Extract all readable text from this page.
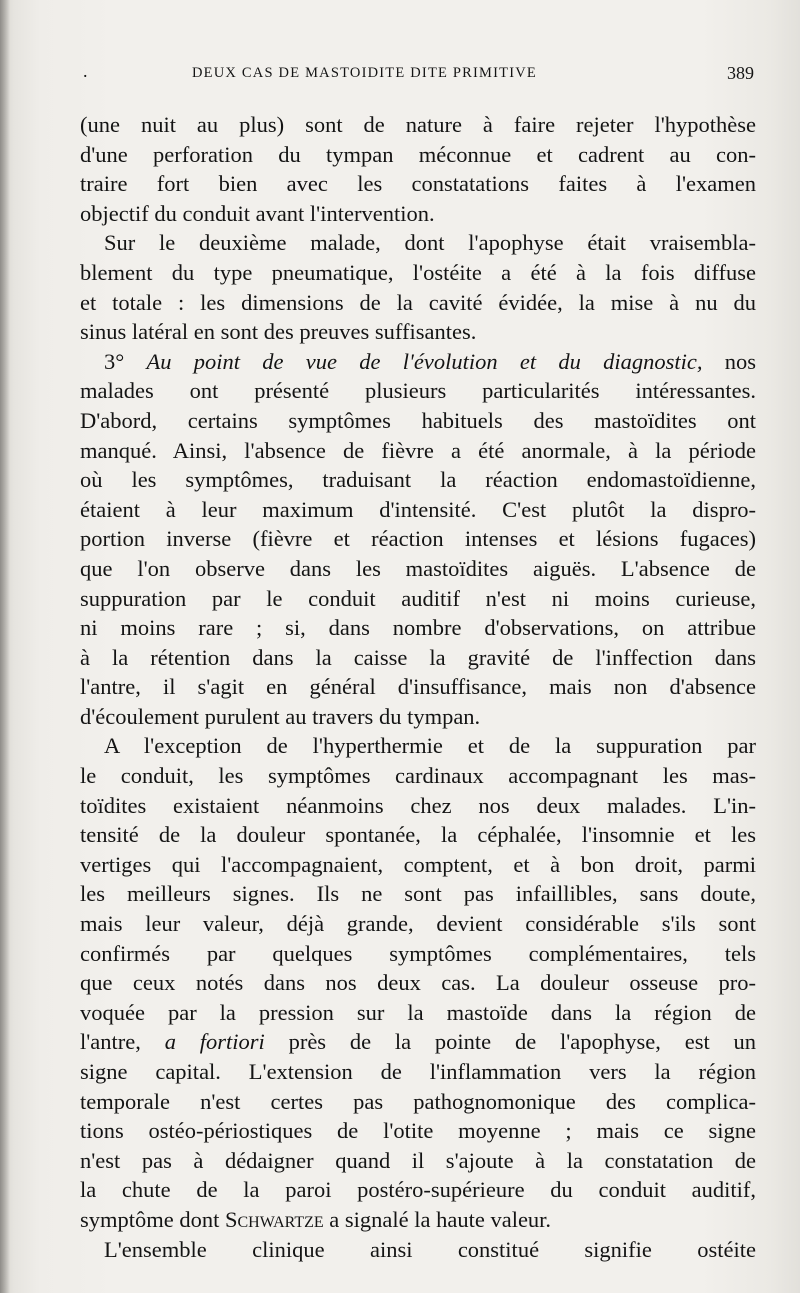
.	DEUX CAS DE MASTOIDITE DITE PRIMITIVE	389
(une nuit au plus) sont de nature à faire rejeter l'hypothèse
d'une perforation du tympan méconnue et cadrent au con-
traire fort bien avec les constatations faites à l'examen
objectif du conduit avant l'intervention.
Sur le deuxième malade, dont l'apophyse était vraisembla-
blement du type pneumatique, l'ostéite a été à la fois diffuse
et totale : les dimensions de la cavité évidée, la mise à nu du
sinus latéral en sont des preuves suffisantes.
3° Au point de vue de l'évolution et du diagnostic, nos
malades ont présenté plusieurs particularités intéressantes.
D'abord, certains symptômes habituels des mastoïdites ont
manqué. Ainsi, l'absence de fièvre a été anormale, à la période
où les symptômes, traduisant la réaction endomastoïdienne,
étaient à leur maximum d'intensité. C'est plutôt la dispro-
portion inverse (fièvre et réaction intenses et lésions fugaces)
que l'on observe dans les mastoïdites aiguës. L'absence de
suppuration par le conduit auditif n'est ni moins curieuse,
ni moins rare ; si, dans nombre d'observations, on attribue
à la rétention dans la caisse la gravité de l'inffection dans
l'antre, il s'agit en général d'insuffisance, mais non d'absence
d'écoulement purulent au travers du tympan.
A l'exception de l'hyperthermie et de la suppuration par
le conduit, les symptômes cardinaux accompagnant les mas-
toïdites existaient néanmoins chez nos deux malades. L'in-
tensité de la douleur spontanée, la céphalée, l'insomnie et les
vertiges qui l'accompagnaient, comptent, et à bon droit, parmi
les meilleurs signes. Ils ne sont pas infaillibles, sans doute,
mais leur valeur, déjà grande, devient considérable s'ils sont
confirmés par quelques symptômes complémentaires, tels
que ceux notés dans nos deux cas. La douleur osseuse pro-
voquée par la pression sur la mastoïde dans la région de
l'antre, a fortiori près de la pointe de l'apophyse, est un
signe capital. L'extension de l'inflammation vers la région
temporale n'est certes pas pathognomonique des complica-
tions ostéo-périostiques de l'otite moyenne ; mais ce signe
n'est pas à dédaigner quand il s'ajoute à la constatation de
la chute de la paroi postéro-supérieure du conduit auditif,
symptôme dont Schwartze a signalé la haute valeur.
L'ensemble clinique ainsi constitué signifie ostéite
